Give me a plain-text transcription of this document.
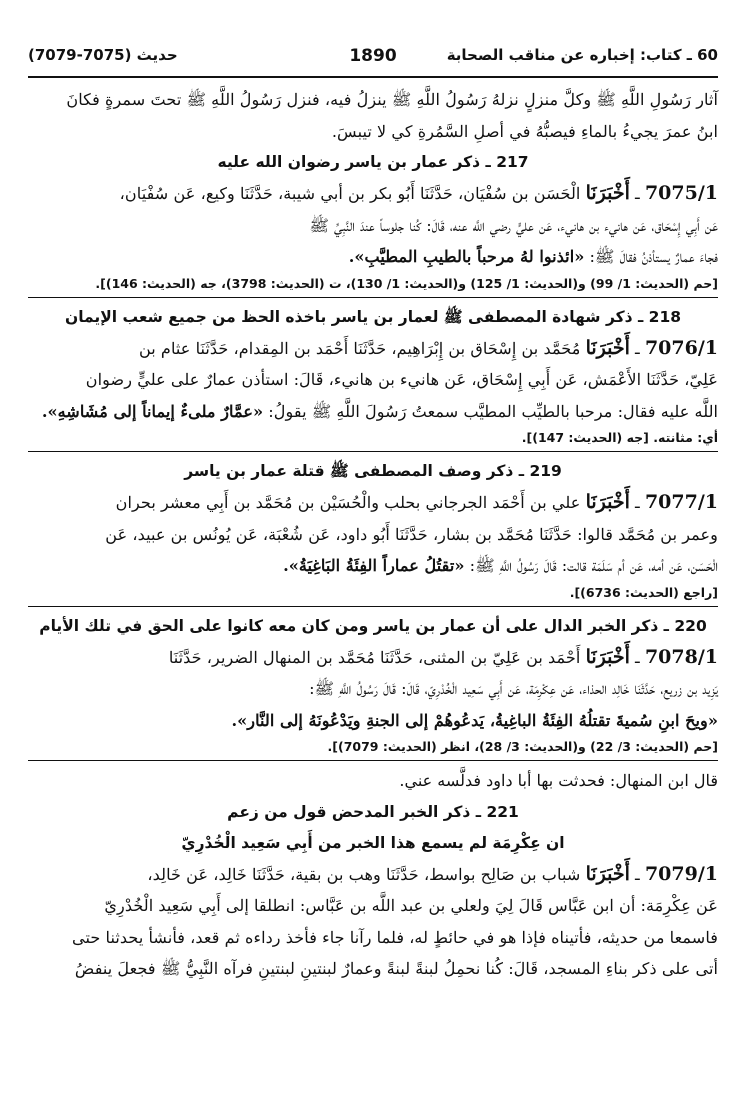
60 ـ كتاب: إخباره عن مناقب الصحابة
1890
حديث (7075-7079)

آثار رَسُولِ اللَّهِ ﷺ وكلَّ منزلٍ نزلهُ رَسُولُ اللَّهِ ﷺ ينزلُ فيه، فنزل رَسُولُ اللَّهِ ﷺ تحتَ سمرةٍ فكانَ

ابنُ عمرَ يجيءُ بالماءِ فيصبُّهُ في أصلِ السَّمُرةِ كي لا تيبسَ.

217 ـ ذكر عمار بن ياسر رضوان الله عليه

7075/1 ـ أَخْبَرَنَا الْحَسَن بن سُفْيَان، حَدَّثَنَا أَبُو بكر بن أبي شيبة، حَدَّثَنَا وكيع، عَن سُفْيَان،

عَن أَبِي إِسْحَاق، عَن هانيء بن هانيء، عَن عليٍّ رضي اللَّه عنه، قَالَ: كُنا جلوساً عندَ النَّبِيِّ ﷺ

فجاءَ عمارٌ يستأذنُ فقالَ ﷺ: «ائذنوا لهُ مرحباً بالطيبِ المطيَّبِ».

[حم (الحديث: 1/ 99) و(الحديث: 1/ 125) و(الحديث: 1/ 130)، ت (الحديث: 3798)، جه (الحديث: 146)].

218 ـ ذكر شهادة المصطفى ﷺ لعمار بن ياسر باخذه الحظ من جميع شعب الإيمان

7076/1 ـ أَخْبَرَنَا مُحَمَّد بن إِسْحَاق بن إِبْرَاهِيم، حَدَّثَنَا أَحْمَد بن المِقدام، حَدَّثَنَا عثام بن

عَلِيّ، حَدَّثَنَا الأَعْمَش، عَن أَبِي إِسْحَاق، عَن هانيء بن هانيء، قَالَ: استأذن عمارٌ على عليٍّ رضوان

اللَّه عليه فقال: مرحبا بالطيِّب المطيَّب سمعتُ رَسُولَ اللَّهِ ﷺ يقولُ: «عمَّارٌ ملىءٌ إيماناً إلى مُشَاشِهِ».

أي: مثانته. [جه (الحديث: 147)].

219 ـ ذكر وصف المصطفى ﷺ قتلة عمار بن ياسر

7077/1 ـ أَخْبَرَنَا علي بن أَحْمَد الجرجاني بحلب والْحُسَيْن بن مُحَمَّد بن أَبِي معشر بحران

وعمر بن مُحَمَّد قالوا: حَدَّثَنَا مُحَمَّد بن بشار، حَدَّثَنَا أَبُو داود، عَن شُعْبَة، عَن يُونُس بن عبيد، عَن

الْحَسَن، عَن أمه، عَن أم سَلَمَة قالت: قَالَ رَسُولُ اللَّهِ ﷺ: «تقتُلُ عماراً الفِئَةُ البَاغِيَةُ».

[راجع (الحديث: 6736)].

220 ـ ذكر الخبر الدال على أن عمار بن ياسر ومن كان معه كانوا على الحق في تلك الأيام

7078/1 ـ أَخْبَرَنَا أَحْمَد بن عَلِيّ بن المثنى، حَدَّثَنَا مُحَمَّد بن المنهال الضرير، حَدَّثَنَا

يَزِيد بن زريع، حَدَّثَنَا خَالِد الحذاء، عَن عِكْرِمَة، عَن أَبِي سَعِيد الْخُدْرِيّ، قَالَ: قَالَ رَسُولُ اللَّهِ ﷺ:

«ويحَ ابنِ سُميةَ تقتلُهُ الفِئَةُ الباغِيةُ، يَدعُوهُمْ إلى الجنةِ ويَدْعُونَهُ إلى النَّار».

[حم (الحديث: 3/ 22) و(الحديث: 3/ 28)، انظر (الحديث: 7079)].

قال ابن المنهال: فحدثت بها أبا داود فدلَّسه عني.

221 ـ ذكر الخبر المدحض قول من زعم

ان عِكْرِمَة لم يسمع هذا الخبر من أَبِي سَعِيد الْخُدْرِيّ

7079/1 ـ أَخْبَرَنَا شباب بن صَالِح بواسط، حَدَّثَنَا وهب بن بقية، حَدَّثَنَا خَالِد، عَن خَالِد،

عَن عِكْرِمَة: أن ابن عَبَّاس قَالَ لِيَ ولعلي بن عبد اللَّه بن عَبَّاس: انطلقا إلى أَبِي سَعِيد الْخُدْرِيّ

فاسمعا من حديثه، فأتيناه فإذا هو في حائطٍ له، فلما رآنا جاء فأخذ رداءه ثم قعد، فأنشأ يحدثنا حتى

أتى على ذكر بناءِ المسجد، قَالَ: كُنا نحمِلُ لبنةً لبنةً وعمارٌ لبنتينِ لبنتينِ فرآه النَّبِيُّ ﷺ فجعلَ ينفضُ
